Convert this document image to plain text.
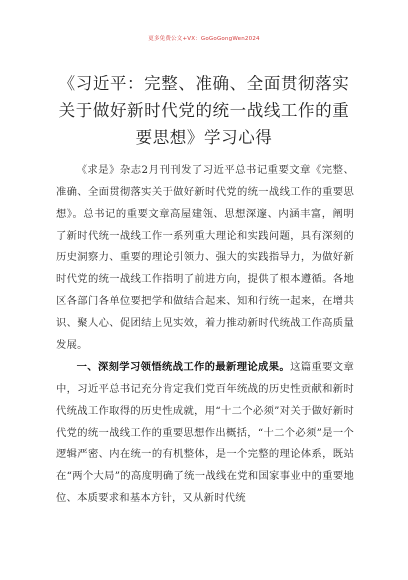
更多免费公文+VX：GoGoGongWen2024
《习近平：完整、准确、全面贯彻落实关于做好新时代党的统一战线工作的重要思想》学习心得

《求是》杂志2月刊刊发了习近平总书记重要文章《完整、准确、全面贯彻落实关于做好新时代党的统一战线工作的重要思想》。总书记的重要文章高屋建瓴、思想深邃、内涵丰富，阐明了新时代统一战线工作一系列重大理论和实践问题，具有深刻的历史洞察力、重要的理论引领力、强大的实践指导力，为做好新时代党的统一战线工作指明了前进方向，提供了根本遵循。各地区各部门各单位要把学和做结合起来、知和行统一起来，在增共识、聚人心、促团结上见实效，着力推动新时代统战工作高质量发展。

一、深刻学习领悟统战工作的最新理论成果。这篇重要文章中，习近平总书记充分肯定我们党百年统战的历史性贡献和新时代统战工作取得的历史性成就，用“十二个必须”对关于做好新时代党的统一战线工作的重要思想作出概括，“十二个必须”是一个逻辑严密、内在统一的有机整体，是一个完整的理论体系，既站在“两个大局”的高度明确了统一战线在党和国家事业中的重要地位、本质要求和基本方针，又从新时代统
